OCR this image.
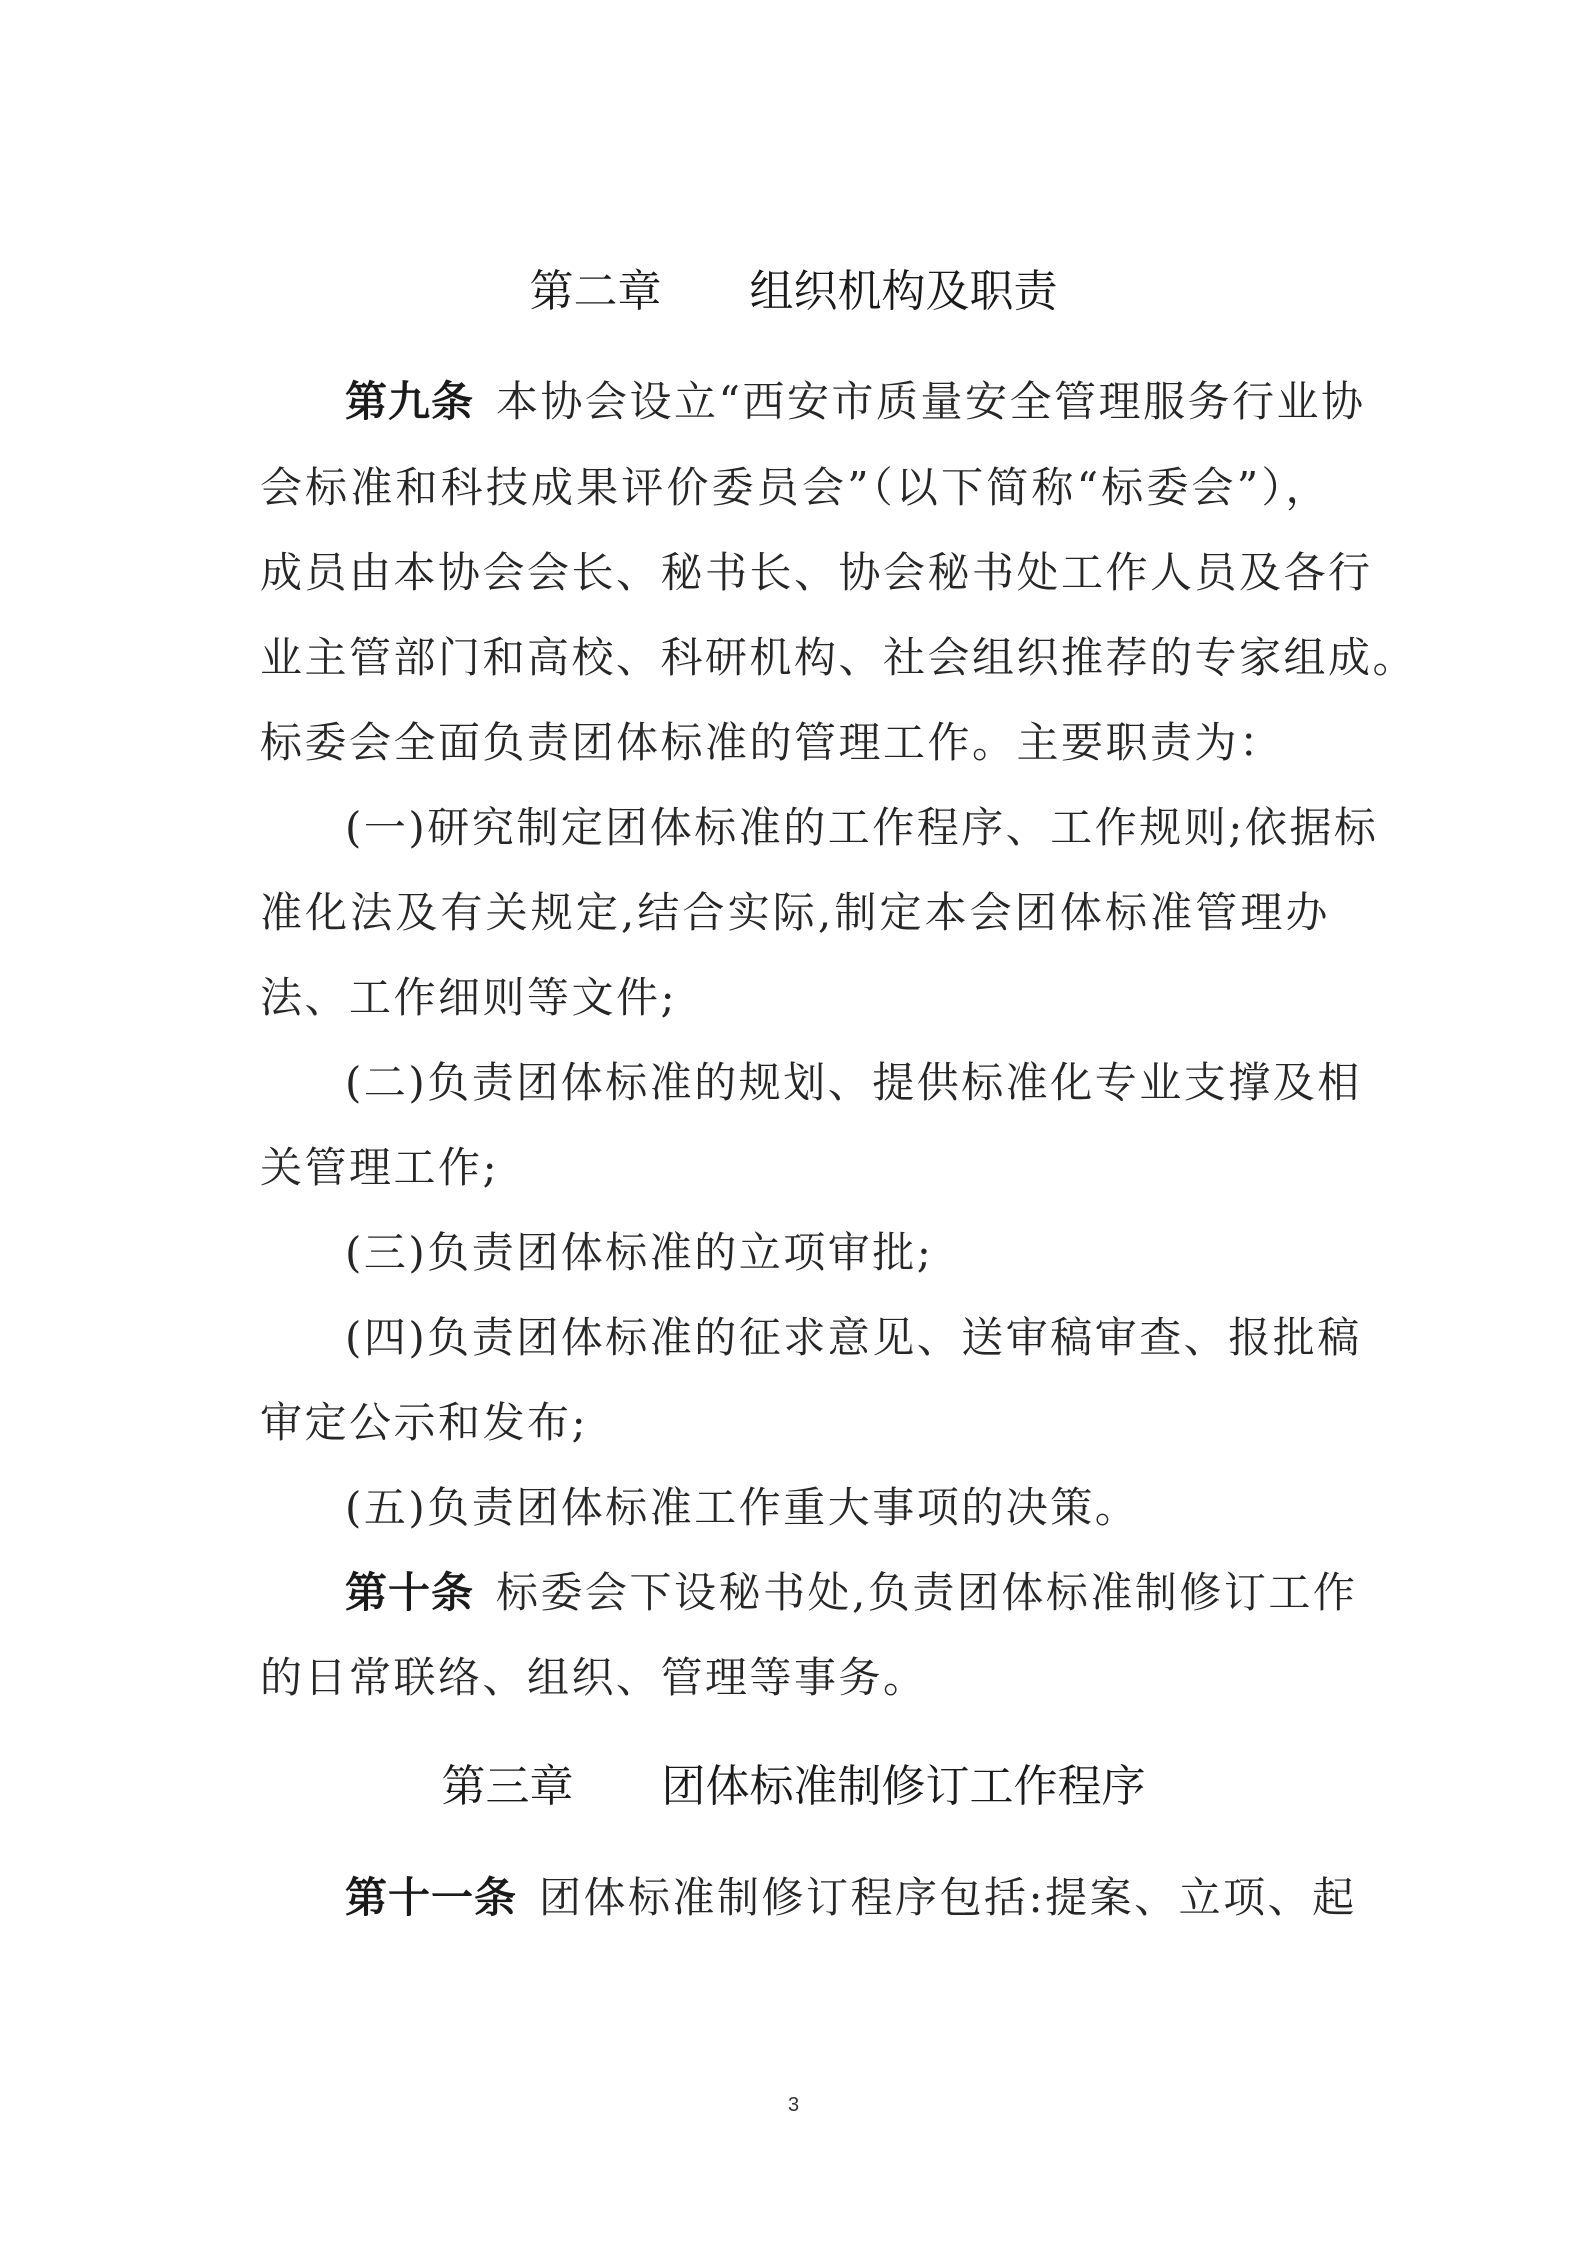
第二章 组织机构及职责
第九条 本协会设立“西安市质量安全管理服务行业协
会标准和科技成果评价委员会”（以下简称“标委会”），
成员由本协会会长、秘书长、协会秘书处工作人员及各行
业主管部门和高校、科研机构、社会组织推荐的专家组成。
标委会全面负责团体标准的管理工作。主要职责为：
(一)研究制定团体标准的工作程序、工作规则;依据标
准化法及有关规定,结合实际,制定本会团体标准管理办
法、工作细则等文件;
(二)负责团体标准的规划、提供标准化专业支撑及相
关管理工作;
(三)负责团体标准的立项审批;
(四)负责团体标准的征求意见、送审稿审查、报批稿
审定公示和发布;
(五)负责团体标准工作重大事项的决策。
第十条 标委会下设秘书处,负责团体标准制修订工作
的日常联络、组织、管理等事务。
第三章 团体标准制修订工作程序
第十一条 团体标准制修订程序包括:提案、立项、起
3
